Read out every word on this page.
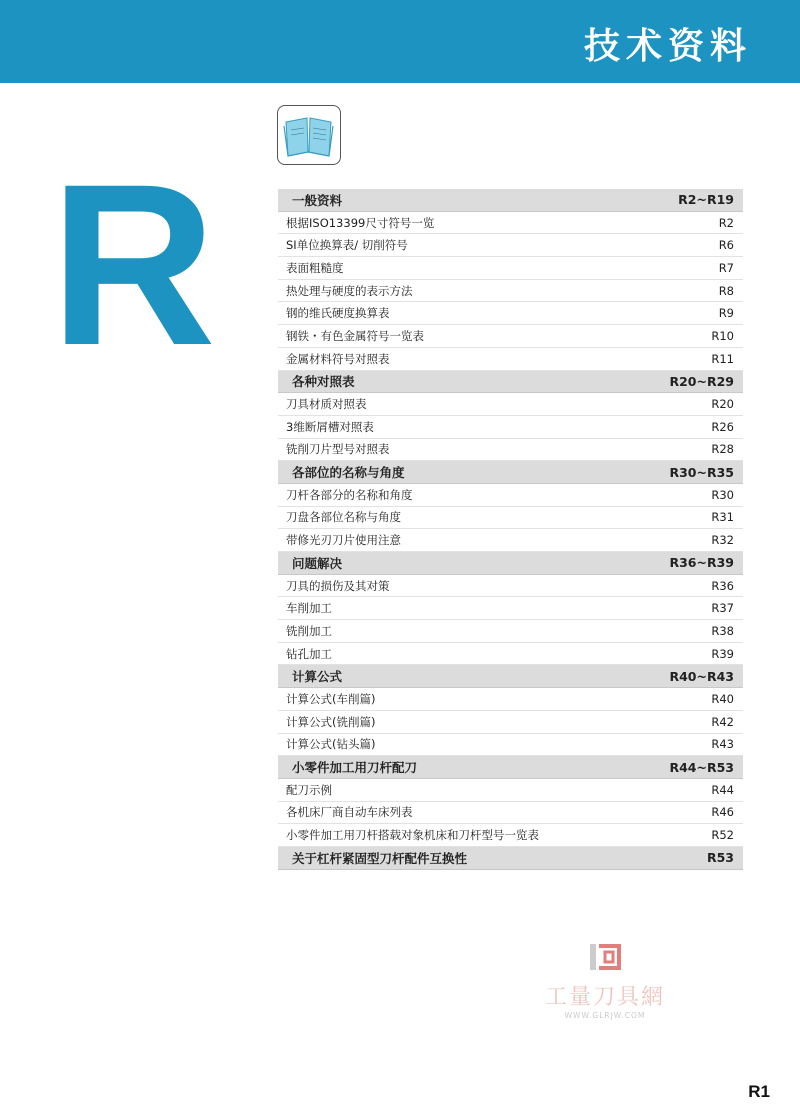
技术资料
R	一般资料	R2~R19
根据ISO13399尺寸符号一览	R2
SI单位换算表/ 切削符号	R6
表面粗糙度	R7
热处理与硬度的表示方法	R8
钢的维氏硬度换算表	R9
钢铁・有色金属符号一览表	R10
金属材料符号对照表	R11
各种对照表	R20~R29
刀具材质对照表	R20
3维断屑槽对照表	R26
铣削刀片型号对照表	R28
各部位的名称与角度	R30~R35
刀杆各部分的名称和角度	R30
刀盘各部位名称与角度	R31
带修光刃刀片使用注意	R32
问题解决	R36~R39
刀具的损伤及其对策	R36
车削加工	R37
铣削加工	R38
钻孔加工	R39
计算公式	R40~R43
计算公式(车削篇)	R40
计算公式(铣削篇)	R42
计算公式(钻头篇)	R43
小零件加工用刀杆配刀	R44~R53
配刀示例	R44
各机床厂商自动车床列表	R46
小零件加工用刀杆搭载对象机床和刀杆型号一览表	R52
关于杠杆紧固型刀杆配件互换性	R53
工量刀具網
WWW.GLRJW.COM
R1
